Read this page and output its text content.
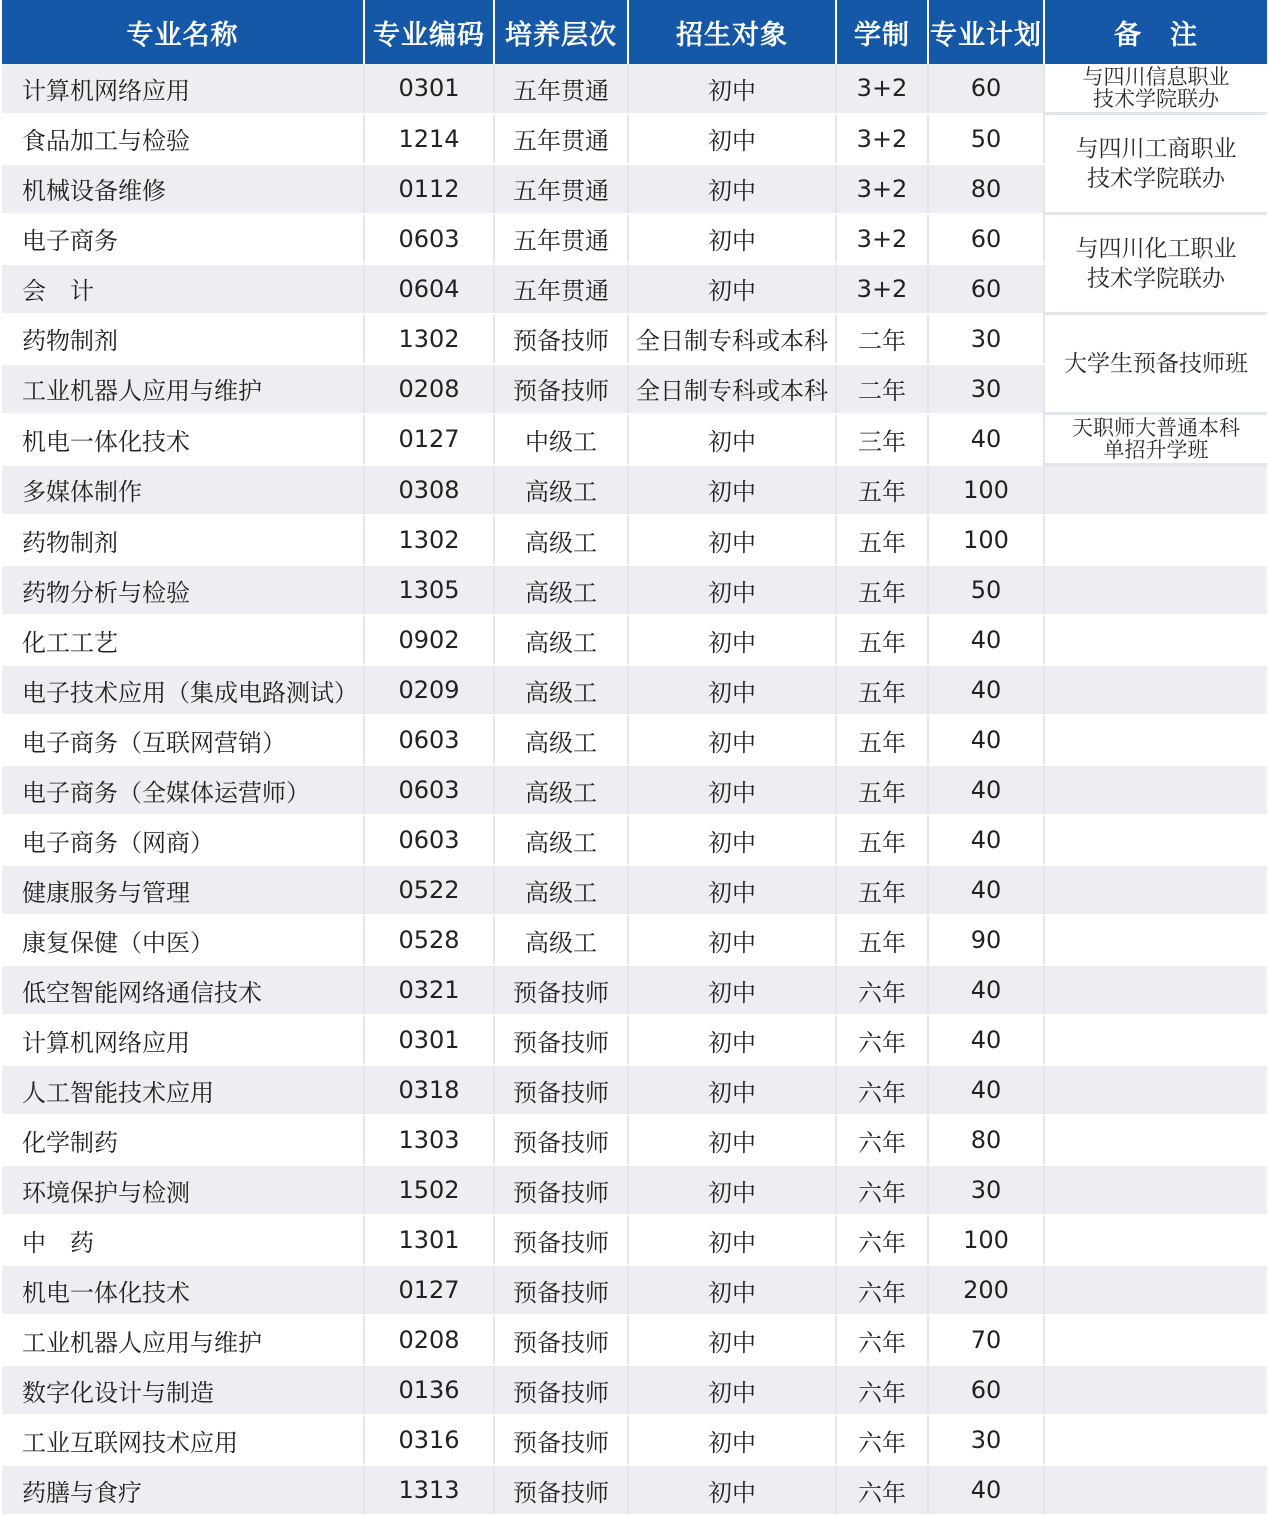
专业名称	专业编码	培养层次	招生对象	学制	专业计划	备　注
计算机网络应用	0301	五年贯通	初中	3+2	60	与四川信息职业
技术学院联办

食品加工与检验	1214	五年贯通	初中	3+2	50	与四川工商职业
技术学院联办

机械设备维修	0112	五年贯通	初中	3+2	80	
电子商务	0603	五年贯通	初中	3+2	60	与四川化工职业
技术学院联办

会　计	0604	五年贯通	初中	3+2	60	
药物制剂	1302	预备技师	全日制专科或本科	二年	30	大学生预备技师班

工业机器人应用与维护	0208	预备技师	全日制专科或本科	二年	30	
机电一体化技术	0127	中级工	初中	三年	40	天职师大普通本科
单招升学班

多媒体制作	0308	高级工	初中	五年	100	
药物制剂	1302	高级工	初中	五年	100	
药物分析与检验	1305	高级工	初中	五年	50	
化工工艺	0902	高级工	初中	五年	40	
电子技术应用（集成电路测试）	0209	高级工	初中	五年	40	
电子商务（互联网营销）	0603	高级工	初中	五年	40	
电子商务（全媒体运营师）	0603	高级工	初中	五年	40	
电子商务（网商）	0603	高级工	初中	五年	40	
健康服务与管理	0522	高级工	初中	五年	40	
康复保健（中医）	0528	高级工	初中	五年	90	
低空智能网络通信技术	0321	预备技师	初中	六年	40	
计算机网络应用	0301	预备技师	初中	六年	40	
人工智能技术应用	0318	预备技师	初中	六年	40	
化学制药	1303	预备技师	初中	六年	80	
环境保护与检测	1502	预备技师	初中	六年	30	
中　药	1301	预备技师	初中	六年	100	
机电一体化技术	0127	预备技师	初中	六年	200	
工业机器人应用与维护	0208	预备技师	初中	六年	70	
数字化设计与制造	0136	预备技师	初中	六年	60	
工业互联网技术应用	0316	预备技师	初中	六年	30	
药膳与食疗	1313	预备技师	初中	六年	40	
